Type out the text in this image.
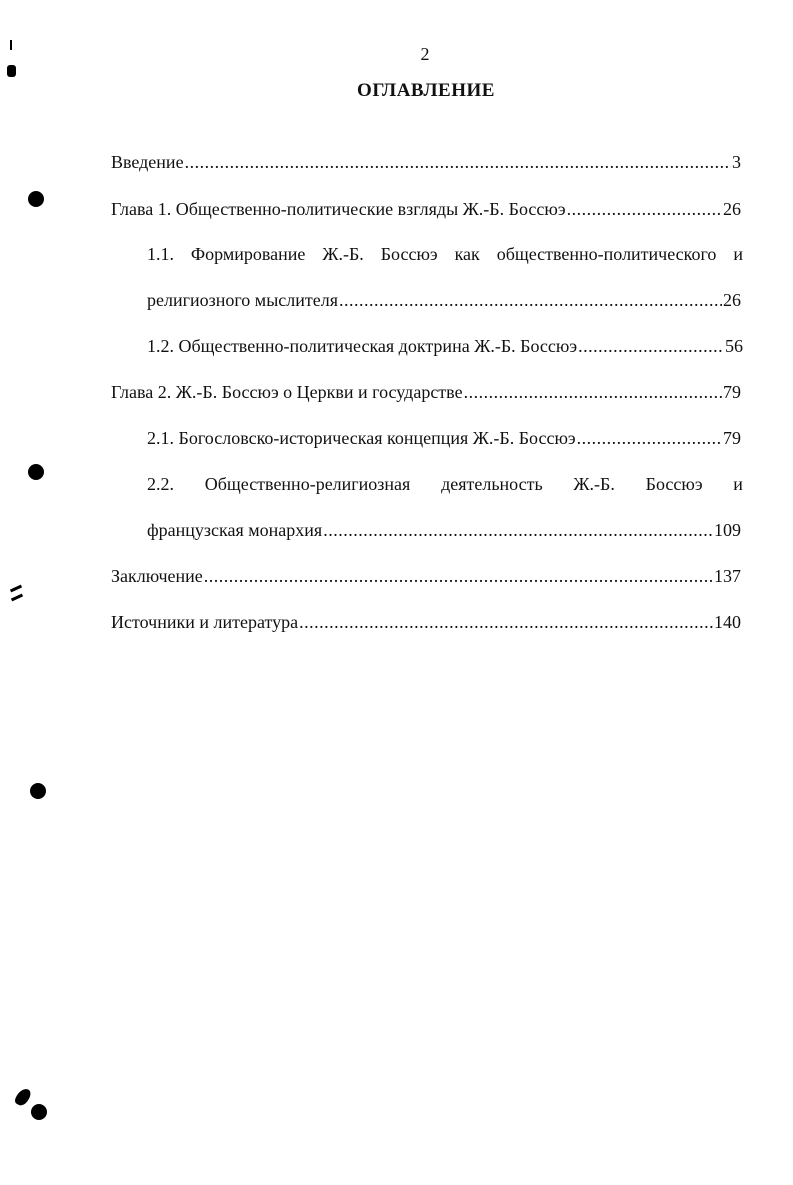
2
ОГЛАВЛЕНИЕ
Введение .....	3
Глава 1. Общественно-политические взгляды Ж.-Б. Боссюэ .....	26
1.1. Формирование Ж.-Б. Боссюэ как общественно-политического и
религиозного мыслителя .....	26
1.2. Общественно-политическая доктрина Ж.-Б. Боссюэ .....	56
Глава 2. Ж.-Б. Боссюэ о Церкви и государстве .....	79
2.1. Богословско-историческая концепция Ж.-Б. Боссюэ .....	79
2.2. Общественно-религиозная деятельность Ж.-Б. Боссюэ и
французская монархия .....	109
Заключение .....	137
Источники и литература .....	140
